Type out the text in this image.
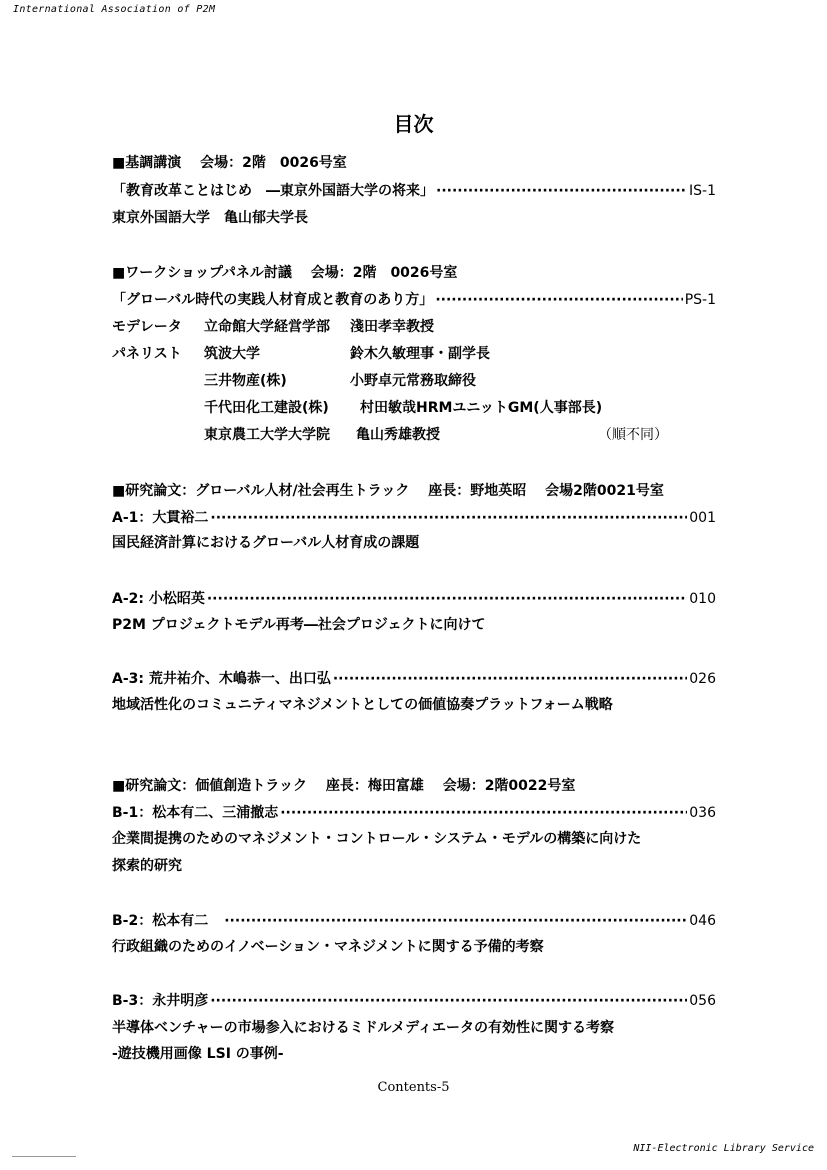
International Association of P2M
目次
■基調講演　 会場：2階　0026号室
「教育改革ことはじめ　―東京外国語大学の将来」 ·····	IS-1
東京外国語大学　亀山郁夫学長
■ワークショップパネル討議　 会場：2階　0026号室
「グローバル時代の実践人材育成と教育のあり方」 ·····	PS-1
モデレータ 立命館大学経営学部 淺田孝幸教授
パネリスト 筑波大学	鈴木久敏理事・副学長
三井物産(株)	小野卓元常務取締役
千代田化工建設(株) 村田敏哉HRMユニットGM(人事部長)
東京農工大学大学院 亀山秀雄教授	（順不同）
■研究論文：グローバル人材/社会再生トラック　 座長：野地英昭　 会場2階0021号室
A-1：大貫裕二 ·····	001
国民経済計算におけるグローバル人材育成の課題
A-2: 小松昭英 ·····	010
P2M プロジェクトモデル再考―社会プロジェクトに向けて
A-3: 荒井祐介、木嶋恭一、出口弘 ·····	026
地域活性化のコミュニティマネジメントとしての価値協奏プラットフォーム戦略
■研究論文：価値創造トラック　 座長：梅田富雄　 会場：2階0022号室
B-1：松本有二、三浦撤志 ·····	036
企業間提携のためのマネジメント・コントロール・システム・モデルの構築に向けた
探索的研究
B-2：松本有二 ·····	046
行政組織のためのイノベーション・マネジメントに関する予備的考察
B-3：永井明彦 ·····	056
半導体ベンチャーの市場参入におけるミドルメディエータの有効性に関する考察
-遊技機用画像 LSI の事例-
Contents-5
NII-Electronic Library Service
